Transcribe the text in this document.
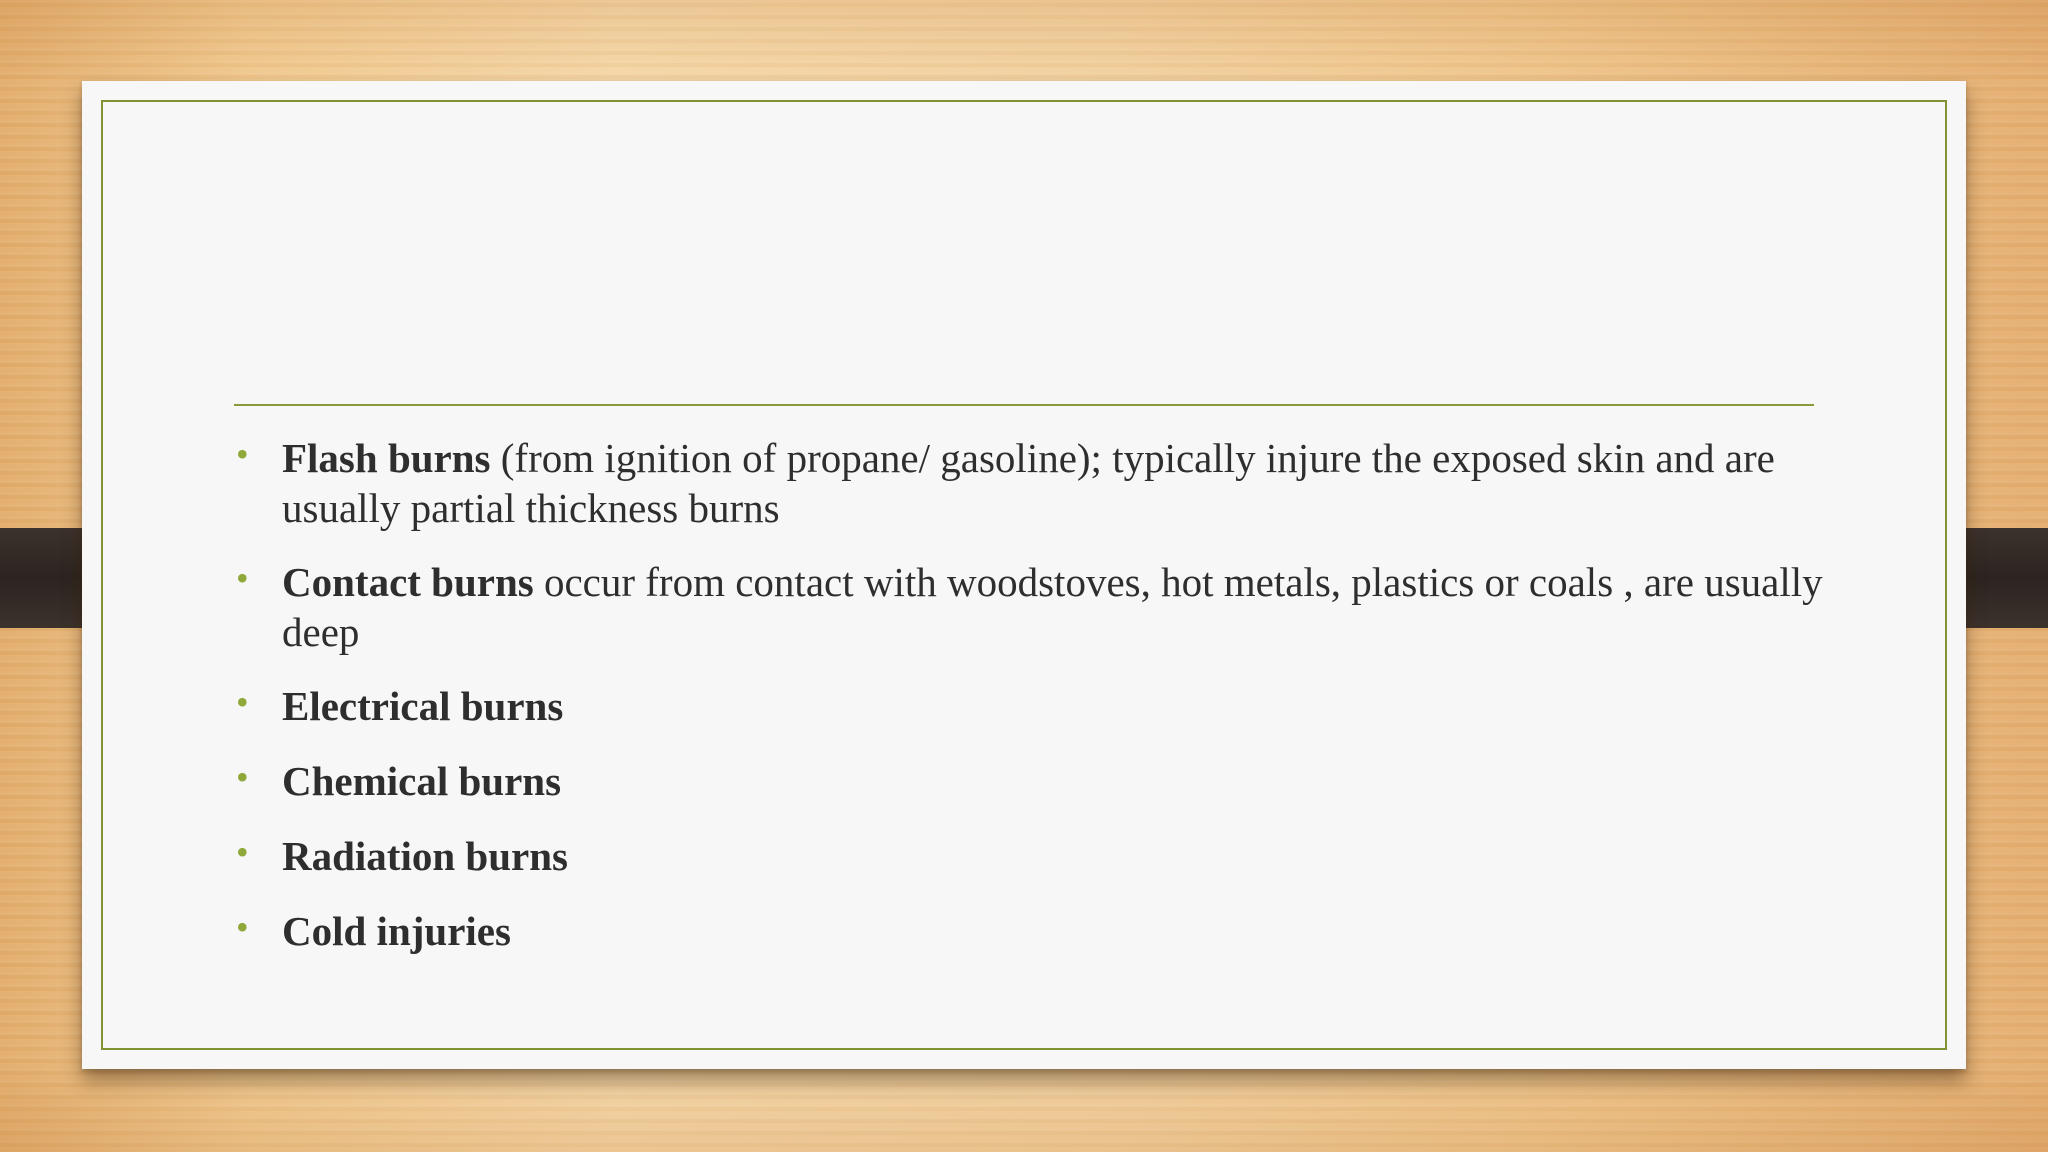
• Flash burns (from ignition of propane/ gasoline); typically injure the exposed skin and are usually partial thickness burns
• Contact burns occur from contact with woodstoves, hot metals, plastics or coals , are usually deep
• Electrical burns
• Chemical burns
• Radiation burns
• Cold injuries
